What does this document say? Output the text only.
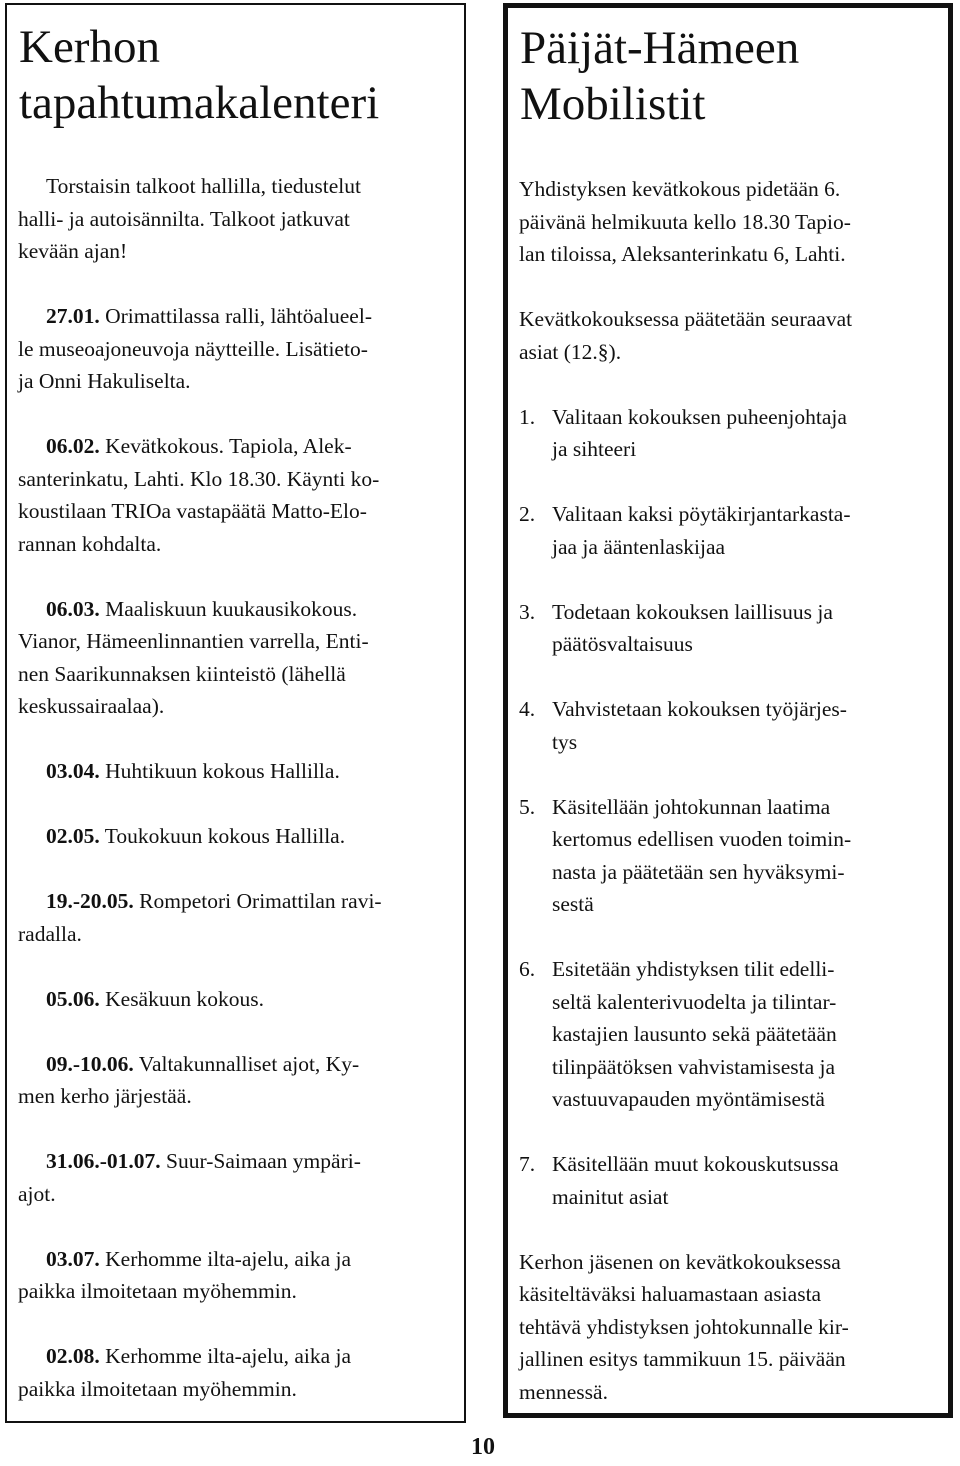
Kerhon
tapahtumakalenteri

Torstaisin talkoot hallilla, tiedustelut
halli- ja autoisännilta. Talkoot jatkuvat
kevään ajan!

27.01. Orimattilassa ralli, lähtöalueel-
le museoajoneuvoja näytteille. Lisätieto-
ja Onni Hakuliselta.

06.02. Kevätkokous. Tapiola, Alek-
santerinkatu, Lahti. Klo 18.30. Käynti ko-
koustilaan TRIOa vastapäätä Matto-Elo-
rannan kohdalta.

06.03. Maaliskuun kuukausikokous.
Vianor, Hämeenlinnantien varrella, Enti-
nen Saarikunnaksen kiinteistö (lähellä
keskussairaalaa).

03.04. Huhtikuun kokous Hallilla.

02.05. Toukokuun kokous Hallilla.

19.-20.05. Rompetori Orimattilan ravi-
radalla.

05.06. Kesäkuun kokous.

09.-10.06. Valtakunnalliset ajot, Ky-
men kerho järjestää.

31.06.-01.07. Suur-Saimaan ympäri-
ajot.

03.07. Kerhomme ilta-ajelu, aika ja
paikka ilmoitetaan myöhemmin.

02.08. Kerhomme ilta-ajelu, aika ja
paikka ilmoitetaan myöhemmin.

Päijät-Hämeen
Mobilistit

Yhdistyksen kevätkokous pidetään 6.
päivänä helmikuuta kello 18.30 Tapio-
lan tiloissa, Aleksanterinkatu 6, Lahti.

Kevätkokouksessa päätetään seuraavat
asiat (12.§).

1. Valitaan kokouksen puheenjohtaja
ja sihteeri
2. Valitaan kaksi pöytäkirjantarkasta-
jaa ja ääntenlaskijaa
3. Todetaan kokouksen laillisuus ja
päätösvaltaisuus
4. Vahvistetaan kokouksen työjärjes-
tys
5. Käsitellään johtokunnan laatima
kertomus edellisen vuoden toimin-
nasta ja päätetään sen hyväksymi-
sestä
6. Esitetään yhdistyksen tilit edelli-
seltä kalenterivuodelta ja tilintar-
kastajien lausunto sekä päätetään
tilinpäätöksen vahvistamisesta ja
vastuuvapauden myöntämisestä
7. Käsitellään muut kokouskutsussa
mainitut asiat

Kerhon jäsenen on kevätkokouksessa
käsiteltäväksi haluamastaan asiasta
tehtävä yhdistyksen johtokunnalle kir-
jallinen esitys tammikuun 15. päivään
mennessä.

10
